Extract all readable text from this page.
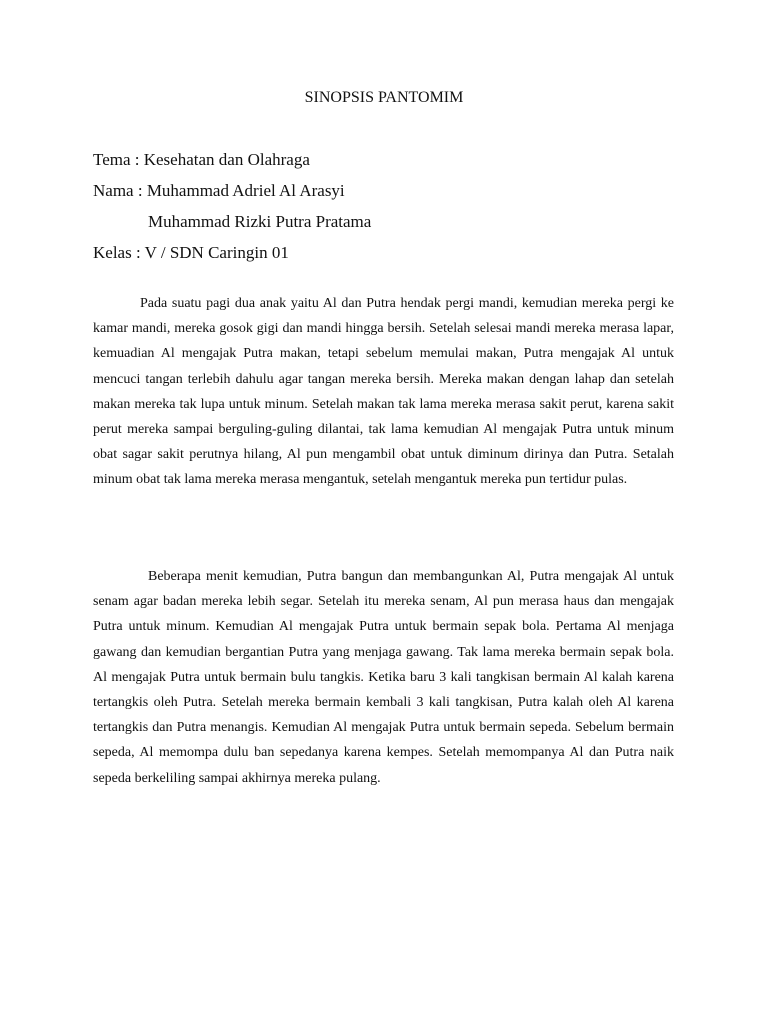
SINOPSIS PANTOMIM
Tema : Kesehatan dan Olahraga
Nama : Muhammad Adriel Al Arasyi
Muhammad Rizki Putra Pratama
Kelas : V / SDN Caringin 01

Pada suatu pagi dua anak yaitu Al dan Putra hendak pergi mandi, kemudian mereka pergi ke kamar mandi, mereka gosok gigi dan mandi hingga bersih. Setelah selesai mandi mereka merasa lapar, kemuadian Al mengajak Putra makan, tetapi sebelum memulai makan, Putra mengajak Al untuk mencuci tangan terlebih dahulu agar tangan mereka bersih. Mereka makan dengan lahap dan setelah makan mereka tak lupa untuk minum. Setelah makan tak lama mereka merasa sakit perut, karena sakit perut mereka sampai berguling-guling dilantai, tak lama kemudian Al mengajak Putra untuk minum obat sagar sakit perutnya hilang, Al pun mengambil obat untuk diminum dirinya dan Putra. Setalah minum obat tak lama mereka merasa mengantuk, setelah mengantuk mereka pun tertidur pulas.

Beberapa menit kemudian, Putra bangun dan membangunkan Al, Putra mengajak Al untuk senam agar badan mereka lebih segar. Setelah itu mereka senam, Al pun merasa haus dan mengajak Putra untuk minum. Kemudian Al mengajak Putra untuk bermain sepak bola. Pertama Al menjaga gawang dan kemudian bergantian Putra yang menjaga gawang. Tak lama mereka bermain sepak bola. Al mengajak Putra untuk bermain bulu tangkis. Ketika baru 3 kali tangkisan bermain Al kalah karena tertangkis oleh Putra. Setelah mereka bermain kembali 3 kali tangkisan, Putra kalah oleh Al karena tertangkis dan Putra menangis. Kemudian Al mengajak Putra untuk bermain sepeda. Sebelum bermain sepeda, Al memompa dulu ban sepedanya karena kempes. Setelah memompanya Al dan Putra naik sepeda berkeliling sampai akhirnya mereka pulang.
